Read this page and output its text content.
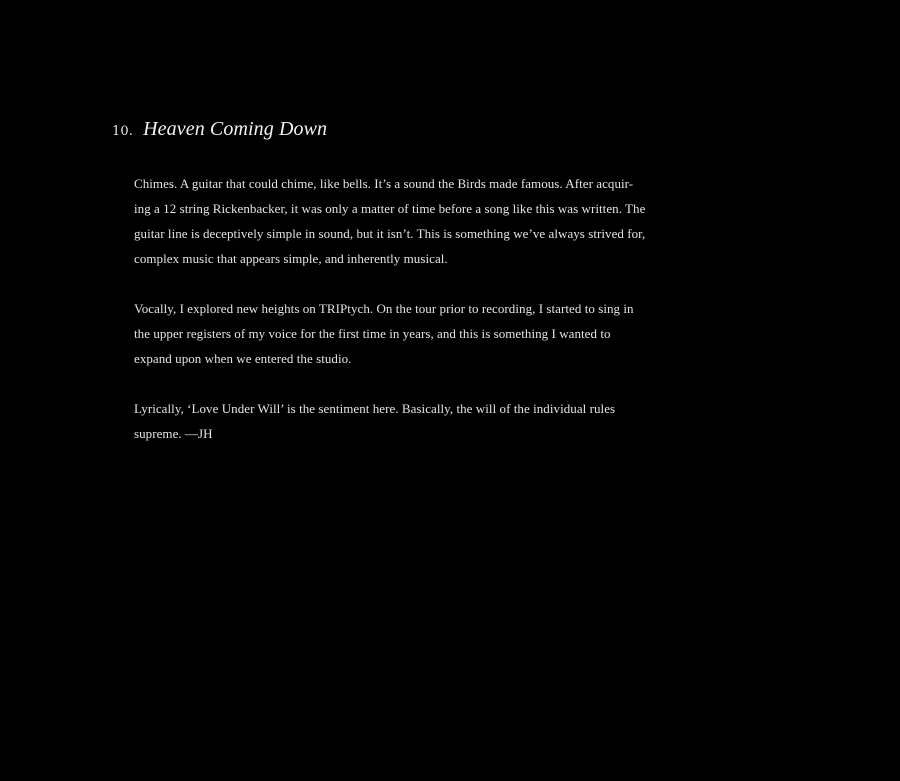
10. Heaven Coming Down

Chimes. A guitar that could chime, like bells. It’s a sound the Birds made famous. After acquir-
ing a 12 string Rickenbacker, it was only a matter of time before a song like this was written. The
guitar line is deceptively simple in sound, but it isn’t. This is something we’ve always strived for,
complex music that appears simple, and inherently musical.

Vocally, I explored new heights on TRIPtych. On the tour prior to recording, I started to sing in
the upper registers of my voice for the first time in years, and this is something I wanted to
expand upon when we entered the studio.

Lyrically, ‘Love Under Will’ is the sentiment here. Basically, the will of the individual rules
supreme. —JH
